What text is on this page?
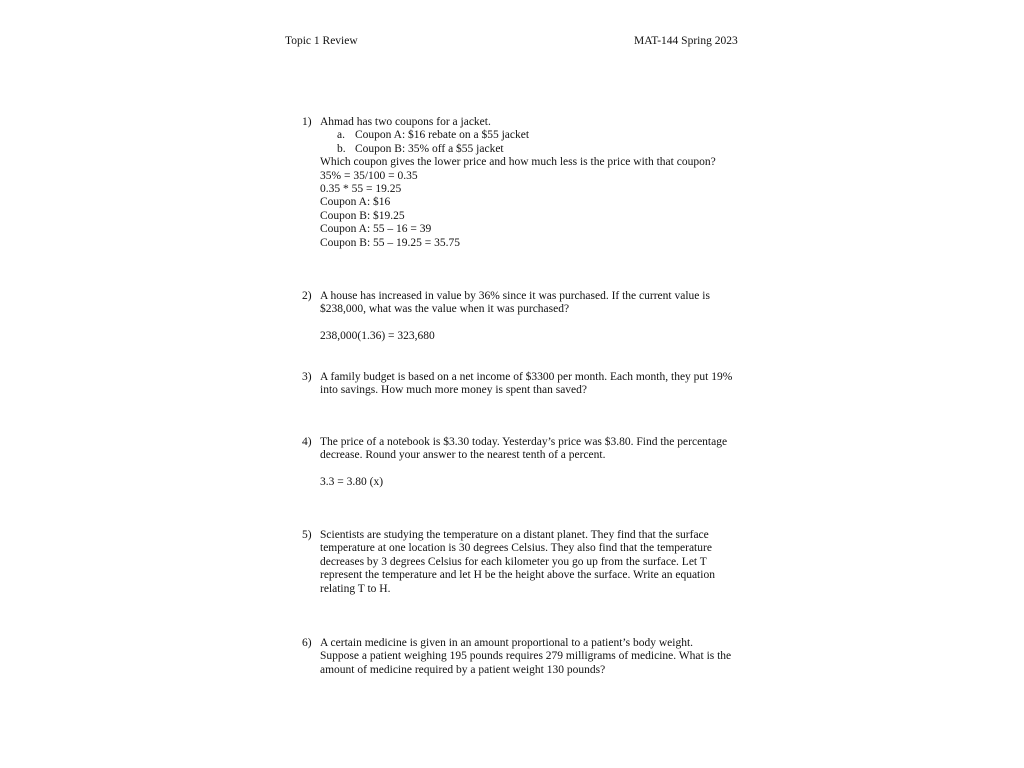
Topic 1 Review	MAT-144 Spring 2023
1) Ahmad has two coupons for a jacket.
a. Coupon A: $16 rebate on a $55 jacket
b. Coupon B: 35% off a $55 jacket
Which coupon gives the lower price and how much less is the price with that coupon?
35% = 35/100 = 0.35
0.35 * 55 = 19.25
Coupon A: $16
Coupon B: $19.25
Coupon A: 55 – 16 = 39
Coupon B: 55 – 19.25 = 35.75
2) A house has increased in value by 36% since it was purchased. If the current value is
$238,000, what was the value when it was purchased?
238,000(1.36) = 323,680
3) A family budget is based on a net income of $3300 per month. Each month, they put 19%
into savings. How much more money is spent than saved?
4) The price of a notebook is $3.30 today. Yesterday’s price was $3.80. Find the percentage
decrease. Round your answer to the nearest tenth of a percent.
3.3 = 3.80 (x)
5) Scientists are studying the temperature on a distant planet. They find that the surface
temperature at one location is 30 degrees Celsius. They also find that the temperature
decreases by 3 degrees Celsius for each kilometer you go up from the surface. Let T
represent the temperature and let H be the height above the surface. Write an equation
relating T to H.
6) A certain medicine is given in an amount proportional to a patient’s body weight.
Suppose a patient weighing 195 pounds requires 279 milligrams of medicine. What is the
amount of medicine required by a patient weight 130 pounds?
